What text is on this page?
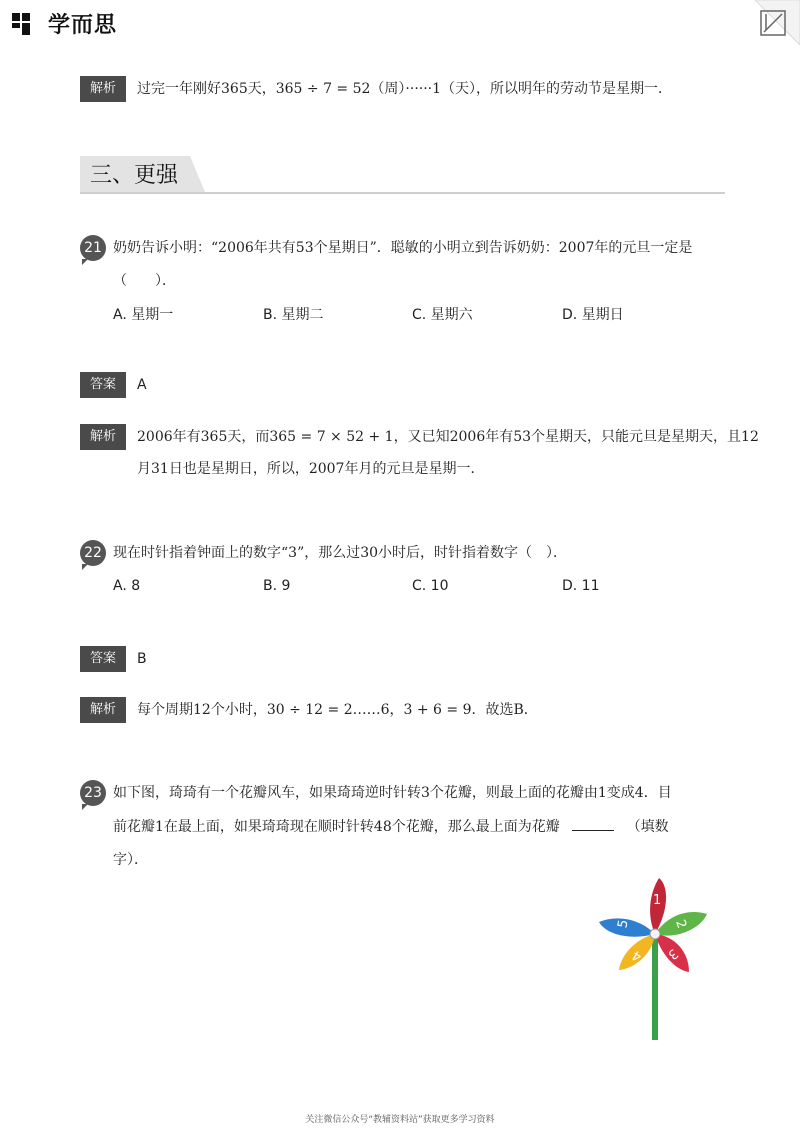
学而思
解析	过完一年刚好365天，365 ÷ 7 = 52（周）······1（天），所以明年的劳动节是星期一．
三、更强
21 奶奶告诉小明：“2006年共有53个星期日”．聪敏的小明立到告诉奶奶：2007年的元旦一定是
（　　）．
A. 星期一	B. 星期二	C. 星期六	D. 星期日
答案	A
解析	2006年有365天，而365 = 7 × 52 + 1，又已知2006年有53个星期天，只能元旦是星期天，且12
月31日也是星期日，所以，2007年月的元旦是星期一．
22 现在时针指着钟面上的数字“3”，那么过30小时后，时针指着数字（　）．
A. 8	B. 9	C. 10	D. 11
答案	B
解析	每个周期12个小时，30 ÷ 12 = 2……6，3 + 6 = 9．故选B．
23 如下图，琦琦有一个花瓣风车，如果琦琦逆时针转3个花瓣，则最上面的花瓣由1变成4．目
前花瓣1在最上面，如果琦琦现在顺时针转48个花瓣，那么最上面为花瓣	（填数
字）．
1
2
3
4
5
关注微信公众号“教辅资料站”获取更多学习资料
